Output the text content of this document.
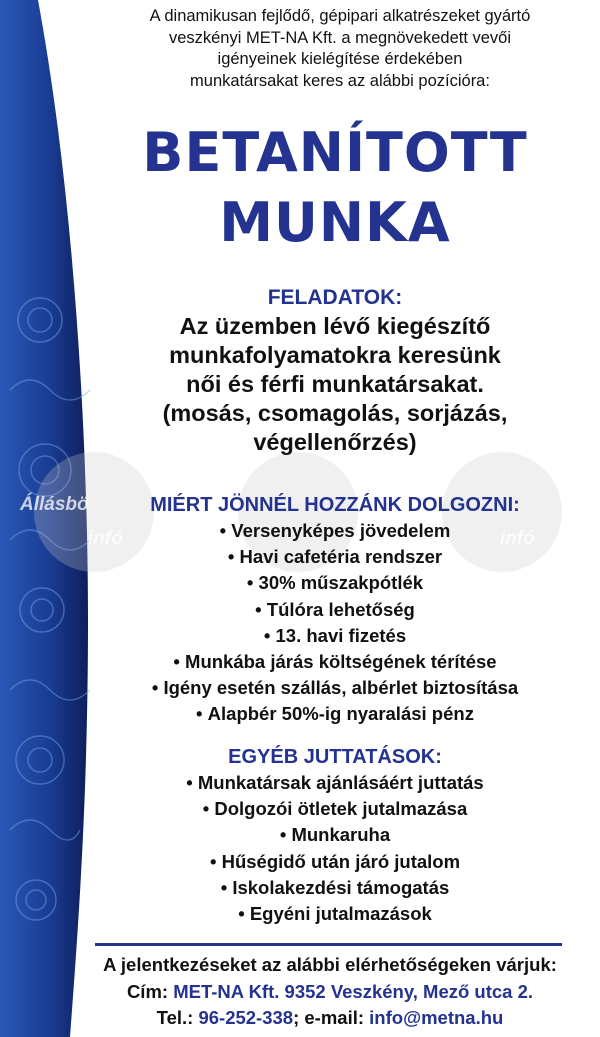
Állásbö
infó	infó
A dinamikusan fejlődő, gépipari alkatrészeket gyártó
veszkényi MET-NA Kft. a megnövekedett vevői
igényeinek kielégítése érdekében
munkatársakat keres az alábbi pozícióra:
BETANÍTOTT
MUNKA
FELADATOK:
Az üzemben lévő kiegészítő
munkafolyamatokra keresünk
női és férfi munkatársakat.
(mosás, csomagolás, sorjázás,
végellenőrzés)
MIÉRT JÖNNÉL HOZZÁNK DOLGOZNI:
• Versenyképes jövedelem
• Havi cafetéria rendszer
• 30% műszakpótlék
• Túlóra lehetőség
• 13. havi fizetés
• Munkába járás költségének térítése
• Igény esetén szállás, albérlet biztosítása
• Alapbér 50%-ig nyaralási pénz
EGYÉB JUTTATÁSOK:
• Munkatársak ajánlásáért juttatás
• Dolgozói ötletek jutalmazása
• Munkaruha
• Hűségidő után járó jutalom
• Iskolakezdési támogatás
• Egyéni jutalmazások
A jelentkezéseket az alábbi elérhetőségeken várjuk:
Cím: MET-NA Kft. 9352 Veszkény, Mező utca 2.
Tel.: 96-252-338; e-mail: info@metna.hu
